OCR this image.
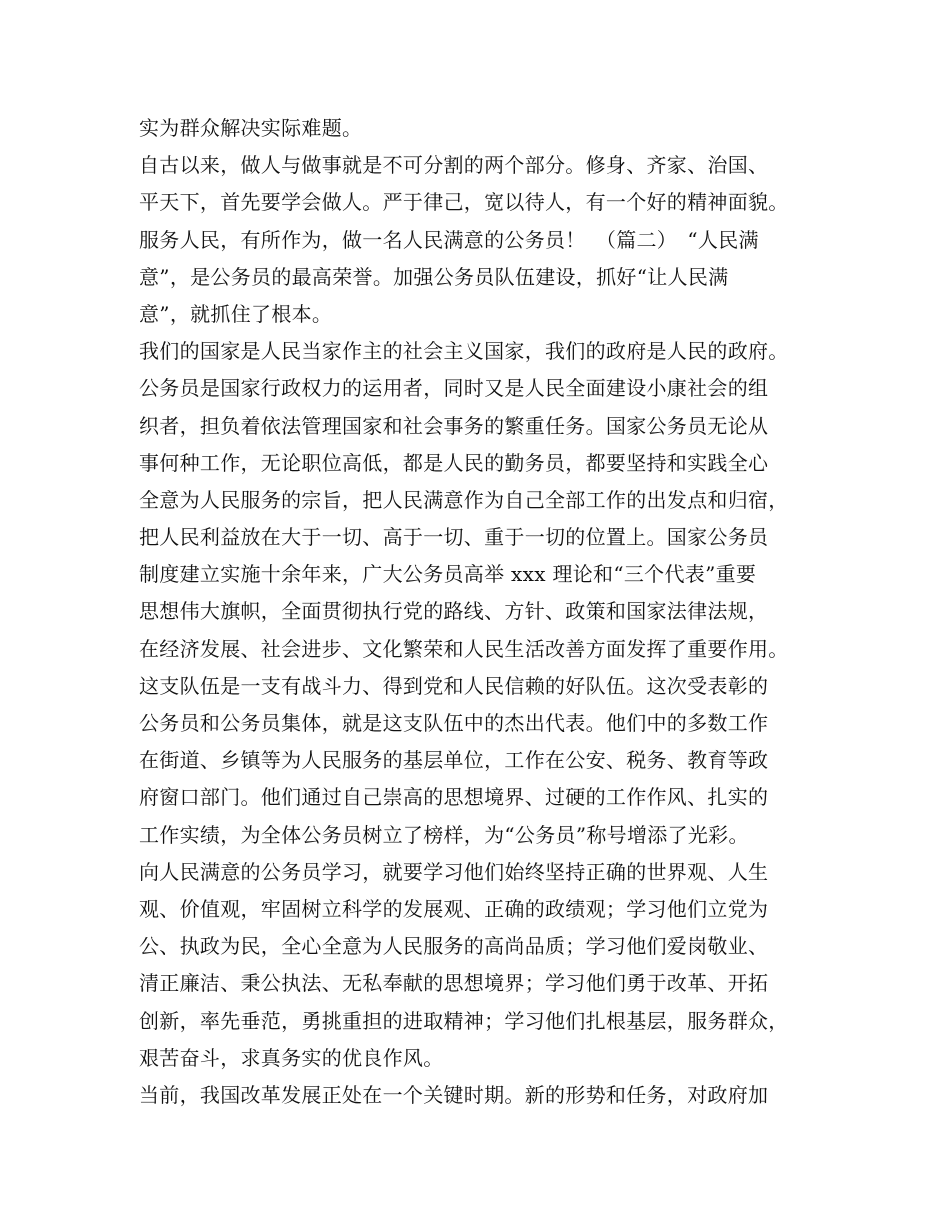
实为群众解决实际难题。
自古以来，做人与做事就是不可分割的两个部分。修身、齐家、治国、
平天下，首先要学会做人。严于律己，宽以待人，有一个好的精神面貌。
服务人民，有所作为，做一名人民满意的公务员！　（篇二）　“人民满
意”，是公务员的最高荣誉。加强公务员队伍建设，抓好“让人民满
意”，就抓住了根本。
我们的国家是人民当家作主的社会主义国家，我们的政府是人民的政府。
公务员是国家行政权力的运用者，同时又是人民全面建设小康社会的组
织者，担负着依法管理国家和社会事务的繁重任务。国家公务员无论从
事何种工作，无论职位高低，都是人民的勤务员，都要坚持和实践全心
全意为人民服务的宗旨，把人民满意作为自己全部工作的出发点和归宿，
把人民利益放在大于一切、高于一切、重于一切的位置上。国家公务员
制度建立实施十余年来，广大公务员高举 xxx 理论和“三个代表”重要
思想伟大旗帜，全面贯彻执行党的路线、方针、政策和国家法律法规，
在经济发展、社会进步、文化繁荣和人民生活改善方面发挥了重要作用。
这支队伍是一支有战斗力、得到党和人民信赖的好队伍。这次受表彰的
公务员和公务员集体，就是这支队伍中的杰出代表。他们中的多数工作
在街道、乡镇等为人民服务的基层单位，工作在公安、税务、教育等政
府窗口部门。他们通过自己崇高的思想境界、过硬的工作作风、扎实的
工作实绩，为全体公务员树立了榜样，为“公务员”称号增添了光彩。
向人民满意的公务员学习，就要学习他们始终坚持正确的世界观、人生
观、价值观，牢固树立科学的发展观、正确的政绩观；学习他们立党为
公、执政为民，全心全意为人民服务的高尚品质；学习他们爱岗敬业、
清正廉洁、秉公执法、无私奉献的思想境界；学习他们勇于改革、开拓
创新，率先垂范，勇挑重担的进取精神；学习他们扎根基层，服务群众，
艰苦奋斗，求真务实的优良作风。
当前，我国改革发展正处在一个关键时期。新的形势和任务，对政府加
